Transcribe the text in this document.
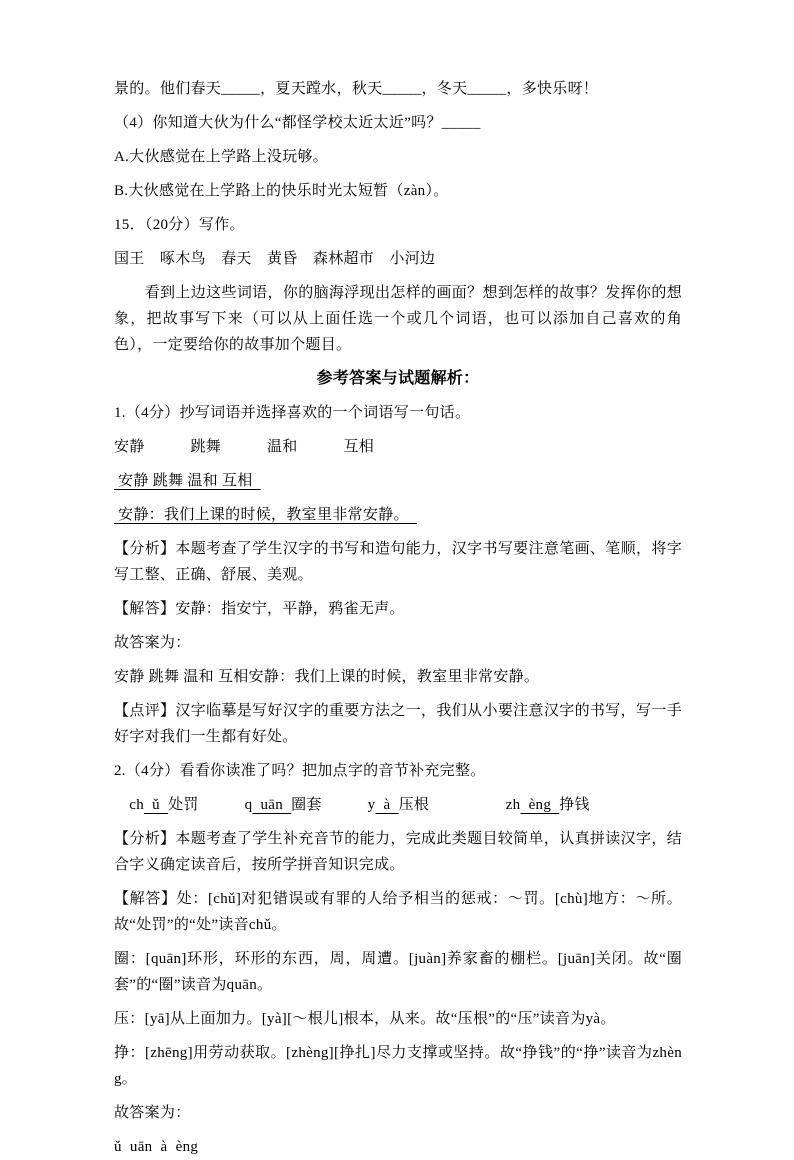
景的。他们春天_____，夏天蹚水，秋天_____，冬天_____，多快乐呀！

（4）你知道大伙为什么“都怪学校太近太近”吗？_____

A.大伙感觉在上学路上没玩够。

B.大伙感觉在上学路上的快乐时光太短暂（zàn）。

15．（20分）写作。

国王　啄木鸟　春天　黄昏　森林超市　小河边

　　看到上边这些词语，你的脑海浮现出怎样的画面？想到怎样的故事？发挥你的想象，把故事写下来（可以从上面任选一个或几个词语，也可以添加自己喜欢的角色），一定要给你的故事加个题目。

参考答案与试题解析：

1.（4分）抄写词语并选择喜欢的一个词语写一句话。

安静　　　跳舞　　　温和　　　互相

安静 跳舞 温和 互相

安静：我们上课的时候，教室里非常安静。

【分析】本题考查了学生汉字的书写和造句能力，汉字书写要注意笔画、笔顺，将字写工整、正确、舒展、美观。

【解答】安静：指安宁，平静，鸦雀无声。

故答案为：

安静 跳舞 温和 互相安静：我们上课的时候，教室里非常安静。

【点评】汉字临摹是写好汉字的重要方法之一，我们从小要注意汉字的书写，写一手好字对我们一生都有好处。

2.（4分）看看你读准了吗？把加点字的音节补充完整。

　ch  ǔ  处罚　　　q  uān  圈套　　　y  à  压根　　　　　zh  èng  挣钱

【分析】本题考查了学生补充音节的能力，完成此类题目较简单，认真拼读汉字，结合字义确定读音后，按所学拼音知识完成。

【解答】处：[chǔ]对犯错误或有罪的人给予相当的惩戒：～罚。[chù]地方：～所。故“处罚”的“处”读音chǔ。

圈：[quān]环形，环形的东西，周，周遭。[juàn]养家畜的棚栏。[juān]关闭。故“圈套”的“圈”读音为quān。

压：[yā]从上面加力。[yà][～根儿]根本，从来。故“压根”的“压”读音为yà。

挣：[zhēng]用劳动获取。[zhèng][挣扎]尽力支撑或坚持。故“挣钱”的“挣”读音为zhèng。

故答案为：

ǔ  uān  à  èng
